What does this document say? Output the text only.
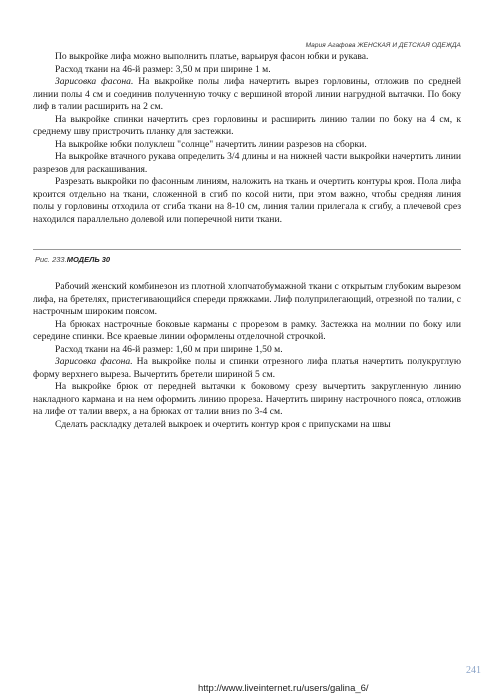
Мария Агафова ЖЕНСКАЯ И ДЕТСКАЯ ОДЕЖДА

По выкройке лифа можно выполнить платье, варьируя фасон юбки и рукава.

Расход ткани на 46-й размер: 3,50 м при ширине 1 м.

Зарисовка фасона. На выкройке полы лифа начертить вырез горловины, отложив по средней линии полы 4 см и соединив полученную точку с вершиной второй линии нагрудной вытачки. По боку лиф в талии расширить на 2 см.

На выкройке спинки начертить срез горловины и расширить линию талии по боку на 4 см, к среднему шву пристрочить планку для застежки.

На выкройке юбки полуклеш "солнце" начертить линии разрезов на сборки.

На выкройке втачного рукава определить 3/4 длины и на нижней части выкройки начертить линии разрезов для раскашивания.

Разрезать выкройки по фасонным линиям, наложить на ткань и очертить контуры кроя. Пола лифа кроится отдельно на ткани, сложенной в сгиб по косой нити, при этом важно, чтобы средняя линия полы у горловины отходила от сгиба ткани на 8-10 см, линия талии прилегала к сгибу, а плечевой срез находился параллельно долевой или поперечной нити ткани.

Рис. 233.МОДЕЛЬ 30

Рабочий женский комбинезон из плотной хлопчатобумажной ткани с открытым глубоким вырезом лифа, на бретелях, пристегивающийся спереди пряжками. Лиф полуприлегающий, отрезной по талии, с настрочным широким поясом.

На брюках настрочные боковые карманы с прорезом в рамку. Застежка на молнии по боку или середине спинки. Все краевые линии оформлены отделочной строчкой.

Расход ткани на 46-й размер: 1,60 м при ширине 1,50 м.

Зарисовка фасона. На выкройке полы и спинки отрезного лифа платья начертить полукруглую форму верхнего выреза. Вычертить бретели шириной 5 см.

На выкройке брюк от передней вытачки к боковому срезу вычертить закругленную линию накладного кармана и на нем оформить линию прореза. Начертить ширину настрочного пояса, отложив на лифе от талии вверх, а на брюках от талии вниз по 3-4 см.

Сделать раскладку деталей выкроек и очертить контур кроя с припусками на швы

241
http://www.liveinternet.ru/users/galina_6/
